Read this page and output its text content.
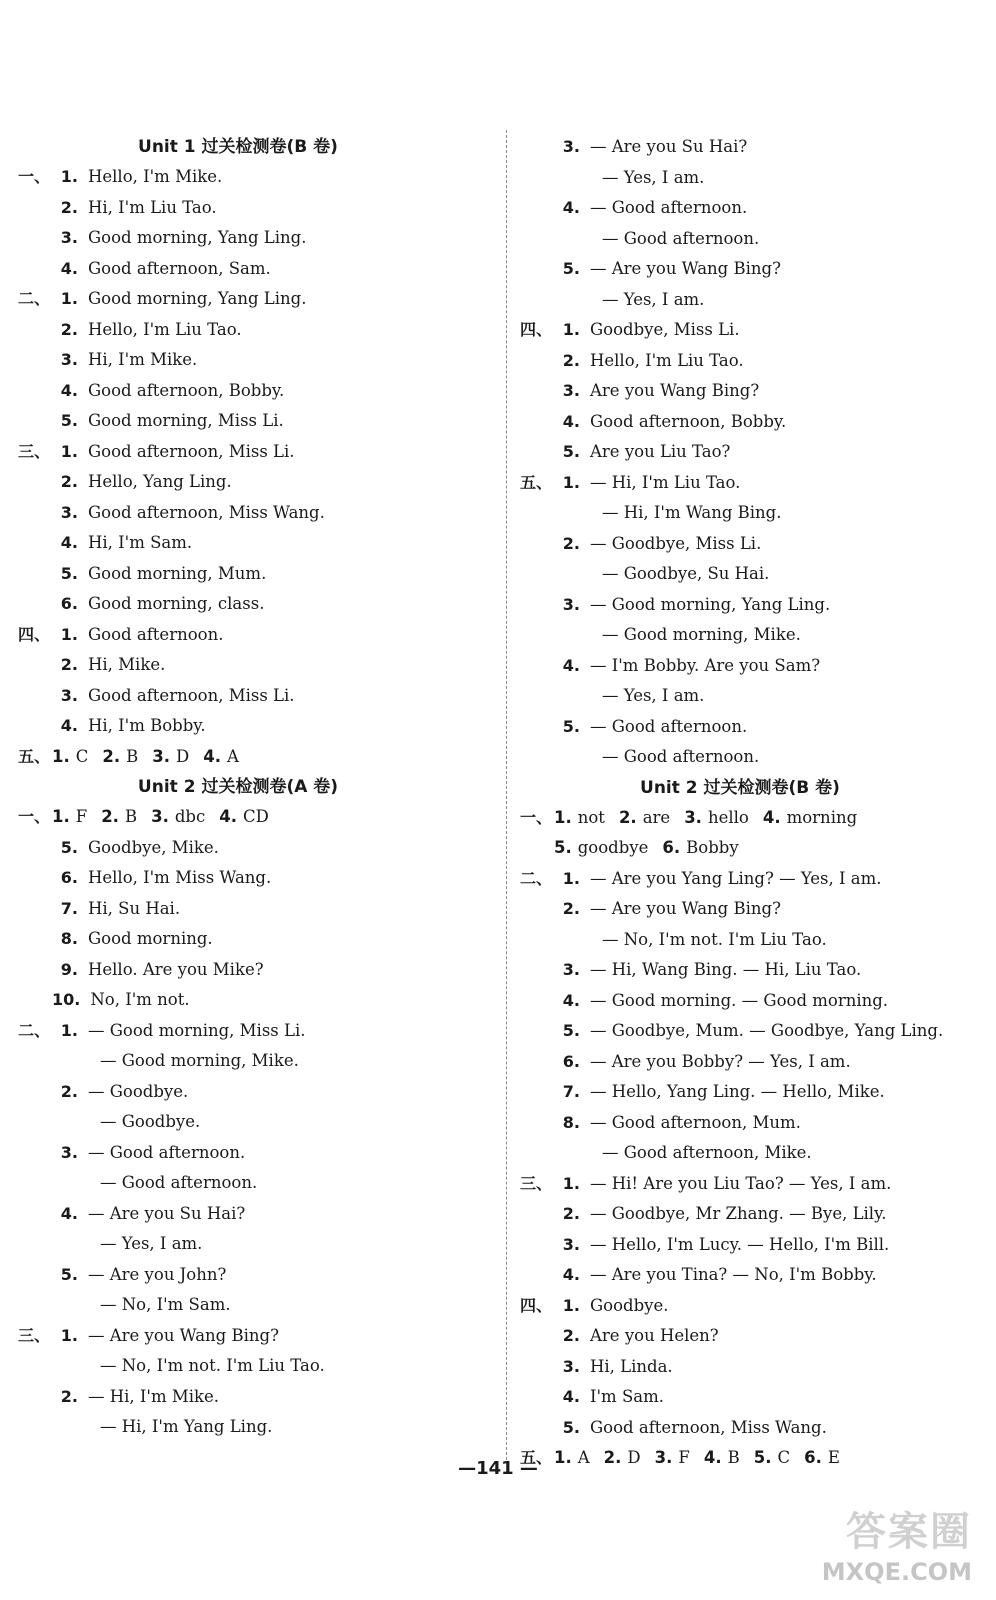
Unit 1 过关检测卷(B 卷)
一、 1. Hello, I'm Mike.
2. Hi, I'm Liu Tao.
3. Good morning, Yang Ling.
4. Good afternoon, Sam.
二、 1. Good morning, Yang Ling.
2. Hello, I'm Liu Tao.
3. Hi, I'm Mike.
4. Good afternoon, Bobby.
5. Good morning, Miss Li.
三、 1. Good afternoon, Miss Li.
2. Hello, Yang Ling.
3. Good afternoon, Miss Wang.
4. Hi, I'm Sam.
5. Good morning, Mum.
6. Good morning, class.
四、 1. Good afternoon.
2. Hi, Mike.
3. Good afternoon, Miss Li.
4. Hi, I'm Bobby.
五、 1. C 2. B 3. D 4. A
Unit 2 过关检测卷(A 卷)
一、 1. F 2. B 3. dbc 4. CD
5. Goodbye, Mike.
6. Hello, I'm Miss Wang.
7. Hi, Su Hai.
8. Good morning.
9. Hello. Are you Mike?
10. No, I'm not.
二、 1. — Good morning, Miss Li.
— Good morning, Mike.
2. — Goodbye.
— Goodbye.
3. — Good afternoon.
— Good afternoon.
4. — Are you Su Hai?
— Yes, I am.
5. — Are you John?
— No, I'm Sam.
三、 1. — Are you Wang Bing?
— No, I'm not. I'm Liu Tao.
2. — Hi, I'm Mike.
— Hi, I'm Yang Ling.
3. — Are you Su Hai?
— Yes, I am.
4. — Good afternoon.
— Good afternoon.
5. — Are you Wang Bing?
— Yes, I am.
四、 1. Goodbye, Miss Li.
2. Hello, I'm Liu Tao.
3. Are you Wang Bing?
4. Good afternoon, Bobby.
5. Are you Liu Tao?
五、 1. — Hi, I'm Liu Tao.
— Hi, I'm Wang Bing.
2. — Goodbye, Miss Li.
— Goodbye, Su Hai.
3. — Good morning, Yang Ling.
— Good morning, Mike.
4. — I'm Bobby. Are you Sam?
— Yes, I am.
5. — Good afternoon.
— Good afternoon.
Unit 2 过关检测卷(B 卷)
一、 1. not 2. are 3. hello 4. morning
5. goodbye 6. Bobby
二、 1. — Are you Yang Ling? — Yes, I am.
2. — Are you Wang Bing?
— No, I'm not. I'm Liu Tao.
3. — Hi, Wang Bing. — Hi, Liu Tao.
4. — Good morning. — Good morning.
5. — Goodbye, Mum. — Goodbye, Yang Ling.
6. — Are you Bobby? — Yes, I am.
7. — Hello, Yang Ling. — Hello, Mike.
8. — Good afternoon, Mum.
— Good afternoon, Mike.
三、 1. — Hi! Are you Liu Tao? — Yes, I am.
2. — Goodbye, Mr Zhang. — Bye, Lily.
3. — Hello, I'm Lucy. — Hello, I'm Bill.
4. — Are you Tina? — No, I'm Bobby.
四、 1. Goodbye.
2. Are you Helen?
3. Hi, Linda.
4. I'm Sam.
5. Good afternoon, Miss Wang.
五、 1. A 2. D 3. F 4. B 5. C 6. E
—141 —
答案圈
MXQE.COM
